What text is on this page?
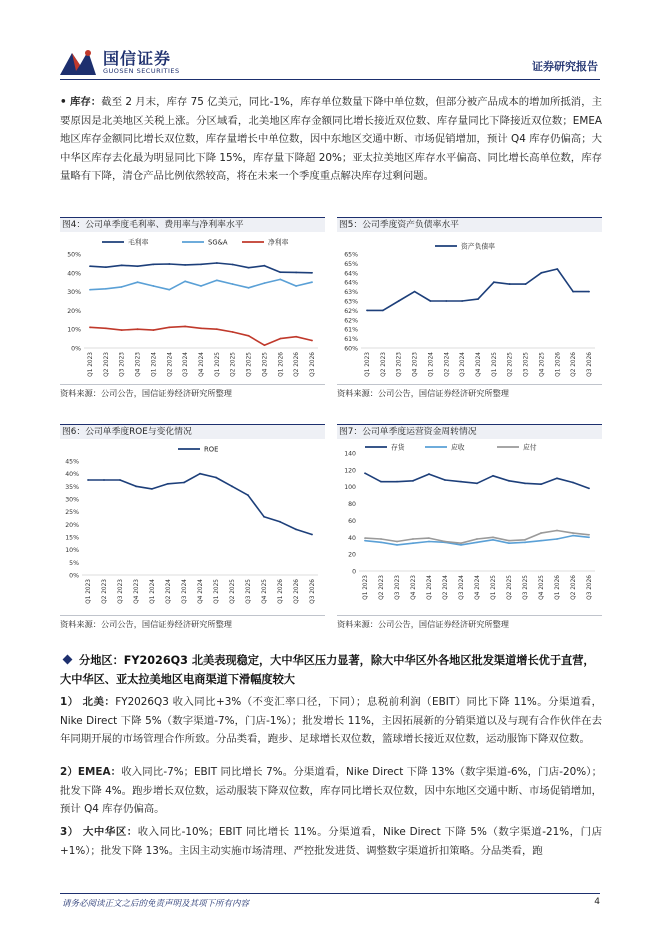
国信证券
GUOSEN SECURITIES	证券研究报告
• 库存：截至 2 月末，库存 75 亿美元，同比-1%，库存单位数量下降中单位数，但部分被产品成本的增加所抵消，主要原因是北美地区关税上涨。分区域看，北美地区库存金额同比增长接近双位数、库存量同比下降接近双位数；EMEA 地区库存金额同比增长双位数，库存量增长中单位数，因中东地区交通中断、市场促销增加，预计 Q4 库存仍偏高；大中华区库存去化最为明显同比下降 15%，库存量下降超 20%；亚太拉美地区库存水平偏高、同比增长高单位数，库存量略有下降，清仓产品比例依然较高，将在未来一个季度重点解决库存过剩问题。
图4：公司单季度毛利率、费用率与净利率水平
0%
10%
20%
30%
40%
50%
Q1 2023 Q2 2023 Q3 2023 Q4 2023 Q1 2024 Q2 2024 Q3 2024 Q4 2024 Q1 2025 Q2 2025 Q3 2025 Q4 2025 Q1 2026 Q2 2026 Q3 2026
毛利率	SG&A	净利率
资料来源：公司公告，国信证券经济研究所整理
图5：公司季度资产负债率水平
60%
61%
61%
62%
62%
63%
63%
64%
64%
65%
65%
Q1 2023 Q2 2023 Q3 2023 Q4 2023 Q1 2024 Q2 2024 Q3 2024 Q4 2024 Q1 2025 Q2 2025 Q3 2025 Q4 2025 Q1 2026 Q2 2026 Q3 2026
资产负债率
资料来源：公司公告，国信证券经济研究所整理
图6：公司单季度ROE与变化情况
0%
5%
10%
15%
20%
25%
30%
35%
40%
45%
Q1 2023 Q2 2023 Q3 2023 Q4 2023 Q1 2024 Q2 2024 Q3 2024 Q4 2024 Q1 2025 Q2 2025 Q3 2025 Q4 2025 Q1 2026 Q2 2026 Q3 2026
ROE
资料来源：公司公告，国信证券经济研究所整理
图7：公司单季度运营资金周转情况
0
20
40
60
80
100
120
140
Q1 2023 Q2 2023 Q3 2023 Q4 2023 Q1 2024 Q2 2024 Q3 2024 Q4 2024 Q1 2025 Q2 2025 Q3 2025 Q4 2025 Q1 2026 Q2 2026 Q3 2026
存货	应收	应付
资料来源：公司公告，国信证券经济研究所整理
分地区：FY2026Q3 北美表现稳定，大中华区压力显著，除大中华区外各地区批发渠道增长优于直营，大中华区、亚太拉美地区电商渠道下滑幅度较大
1） 北美：FY2026Q3 收入同比+3%（不变汇率口径，下同）；息税前利润（EBIT）同比下降 11%。分渠道看，Nike Direct 下降 5%（数字渠道-7%，门店-1%）；批发增长 11%，主因拓展新的分销渠道以及与现有合作伙伴在去年同期开展的市场管理合作所致。分品类看，跑步、足球增长双位数，篮球增长接近双位数，运动服饰下降双位数。
2）EMEA：收入同比-7%；EBIT 同比增长 7%。分渠道看，Nike Direct 下降 13%（数字渠道-6%，门店-20%）；批发下降 4%。跑步增长双位数，运动服装下降双位数，库存同比增长双位数，因中东地区交通中断、市场促销增加，预计 Q4 库存仍偏高。
3） 大中华区：收入同比-10%；EBIT 同比增长 11%。分渠道看，Nike Direct 下降 5%（数字渠道-21%，门店+1%）；批发下降 13%。主因主动实施市场清理、严控批发进货、调整数字渠道折扣策略。分品类看，跑
请务必阅读正文之后的免责声明及其项下所有内容	4
